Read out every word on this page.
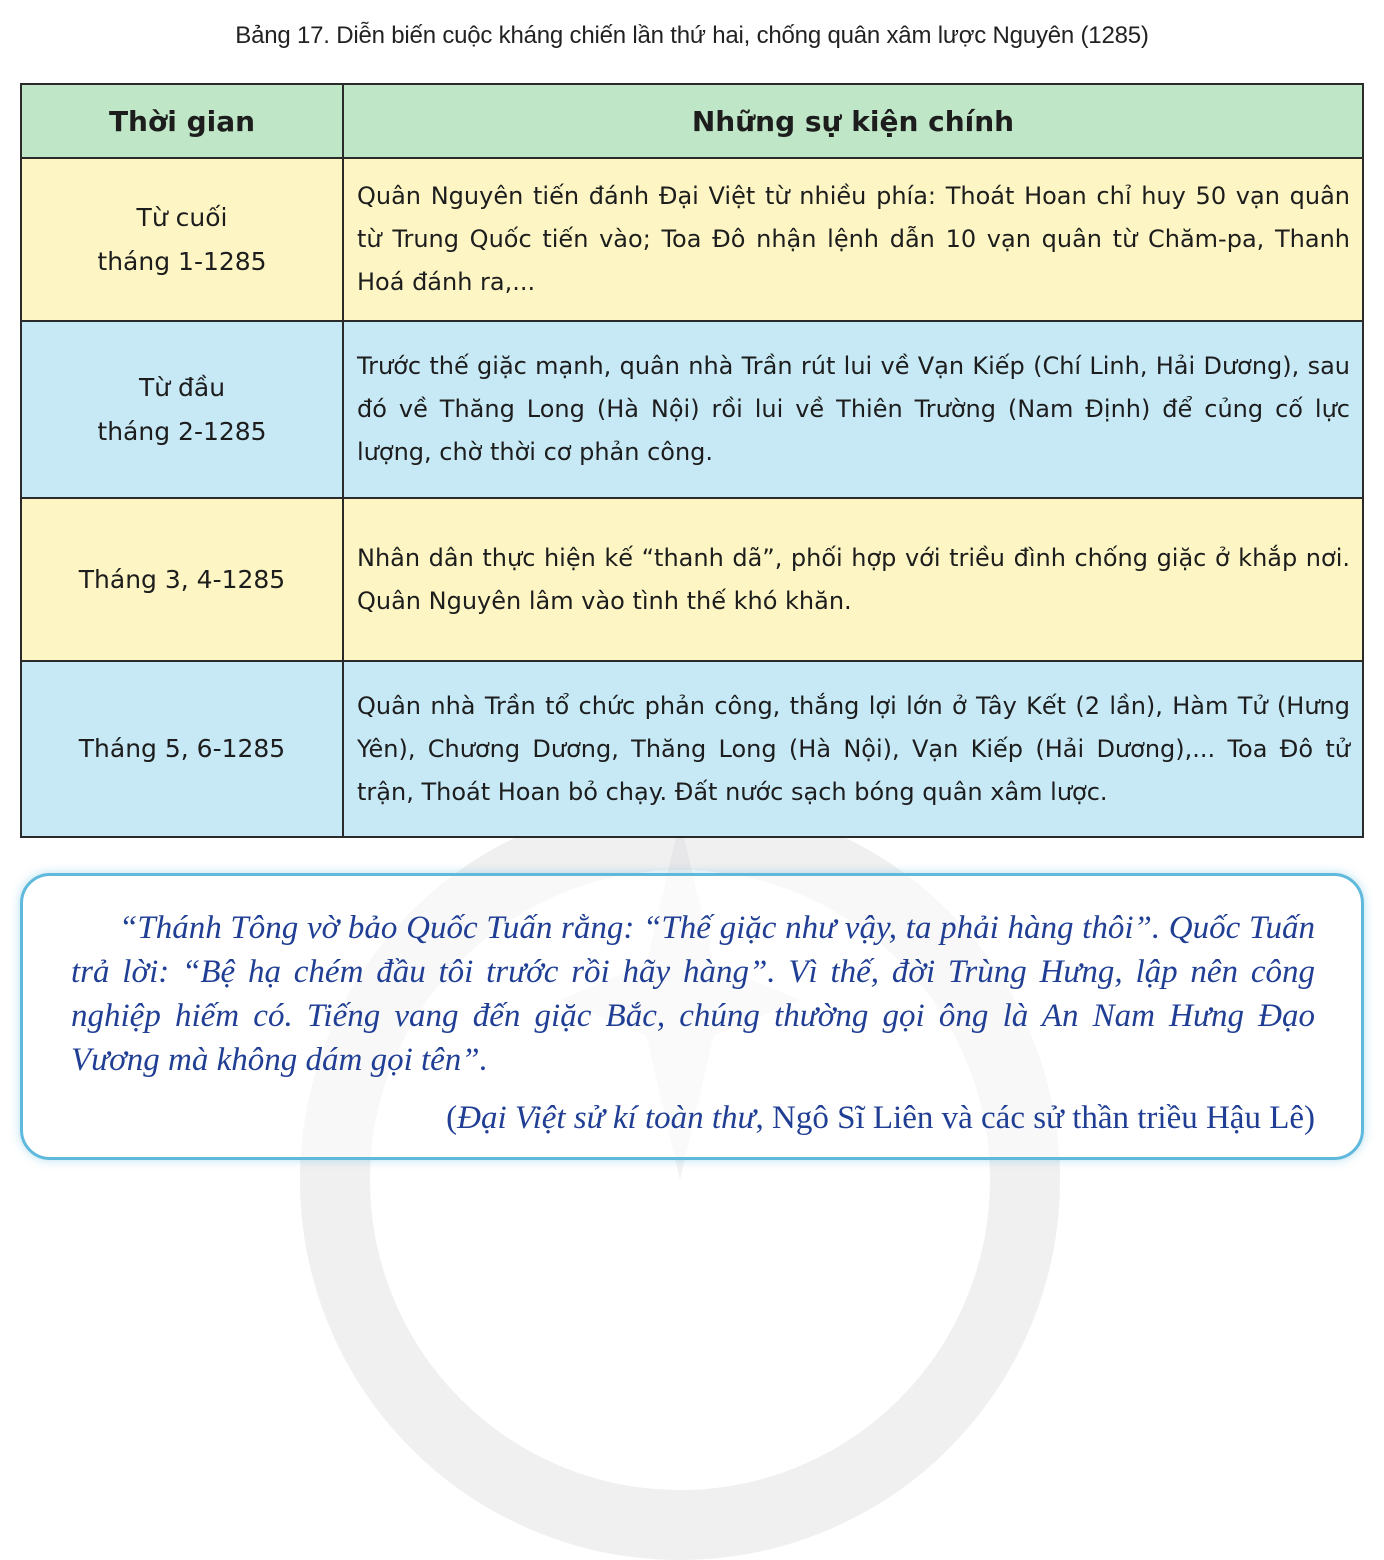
Bảng 17. Diễn biến cuộc kháng chiến lần thứ hai, chống quân xâm lược Nguyên (1285)
Thời gian	Những sự kiện chính
Từ cuối
tháng 1-1285	Quân Nguyên tiến đánh Đại Việt từ nhiều phía: Thoát Hoan chỉ huy 50 vạn quân từ Trung Quốc tiến vào; Toa Đô nhận lệnh dẫn 10 vạn quân từ Chăm-pa, Thanh Hoá đánh ra,...
Từ đầu
tháng 2-1285	Trước thế giặc mạnh, quân nhà Trần rút lui về Vạn Kiếp (Chí Linh, Hải Dương), sau đó về Thăng Long (Hà Nội) rồi lui về Thiên Trường (Nam Định) để củng cố lực lượng, chờ thời cơ phản công.
Tháng 3, 4-1285	Nhân dân thực hiện kế “thanh dã”, phối hợp với triều đình chống giặc ở khắp nơi. Quân Nguyên lâm vào tình thế khó khăn.
Tháng 5, 6-1285	Quân nhà Trần tổ chức phản công, thắng lợi lớn ở Tây Kết (2 lần), Hàm Tử (Hưng Yên), Chương Dương, Thăng Long (Hà Nội), Vạn Kiếp (Hải Dương),... Toa Đô tử trận, Thoát Hoan bỏ chạy. Đất nước sạch bóng quân xâm lược.

“Thánh Tông vờ bảo Quốc Tuấn rằng: “Thế giặc như vậy, ta phải hàng thôi”. Quốc Tuấn trả lời: “Bệ hạ chém đầu tôi trước rồi hãy hàng”. Vì thế, đời Trùng Hưng, lập nên công nghiệp hiếm có. Tiếng vang đến giặc Bắc, chúng thường gọi ông là An Nam Hưng Đạo Vương mà không dám gọi tên”.

(Đại Việt sử kí toàn thư, Ngô Sĩ Liên và các sử thần triều Hậu Lê)
